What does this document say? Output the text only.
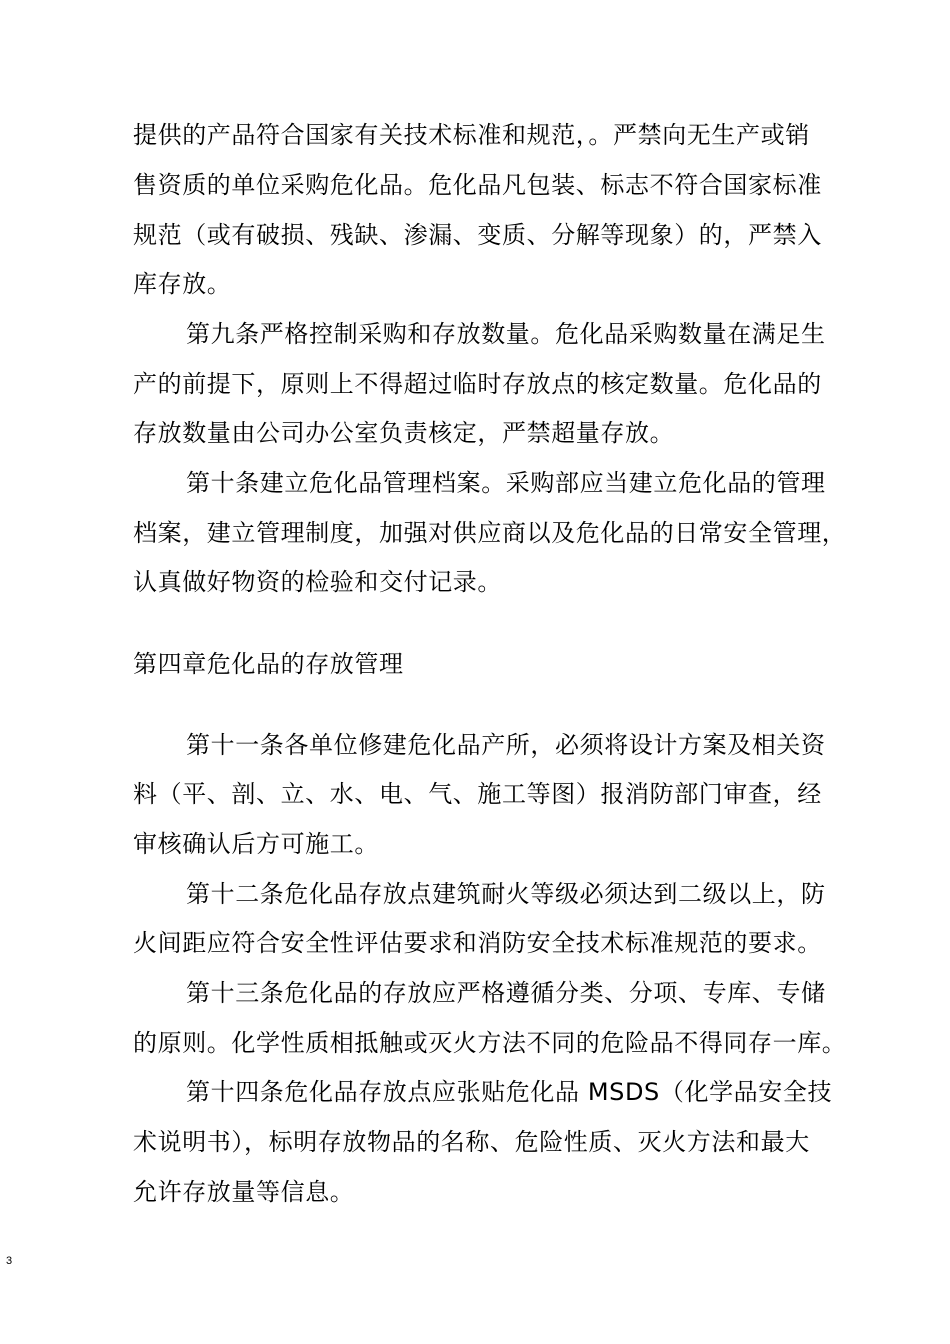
提供的产品符合国家有关技术标准和规范，。严禁向无生产或销
售资质的单位采购危化品。危化品凡包装、标志不符合国家标准
规范（或有破损、残缺、渗漏、变质、分解等现象）的，严禁入
库存放。
第九条严格控制采购和存放数量。危化品采购数量在满足生
产的前提下，原则上不得超过临时存放点的核定数量。危化品的
存放数量由公司办公室负责核定，严禁超量存放。
第十条建立危化品管理档案。采购部应当建立危化品的管理
档案，建立管理制度，加强对供应商以及危化品的日常安全管理，
认真做好物资的检验和交付记录。
第四章危化品的存放管理
第十一条各单位修建危化品产所，必须将设计方案及相关资
料（平、剖、立、水、电、气、施工等图）报消防部门审查，经
审核确认后方可施工。
第十二条危化品存放点建筑耐火等级必须达到二级以上，防
火间距应符合安全性评估要求和消防安全技术标准规范的要求。
第十三条危化品的存放应严格遵循分类、分项、专库、专储
的原则。化学性质相抵触或灭火方法不同的危险品不得同存一库。
第十四条危化品存放点应张贴危化品 MSDS（化学品安全技
术说明书），标明存放物品的名称、危险性质、灭火方法和最大
允许存放量等信息。
3
